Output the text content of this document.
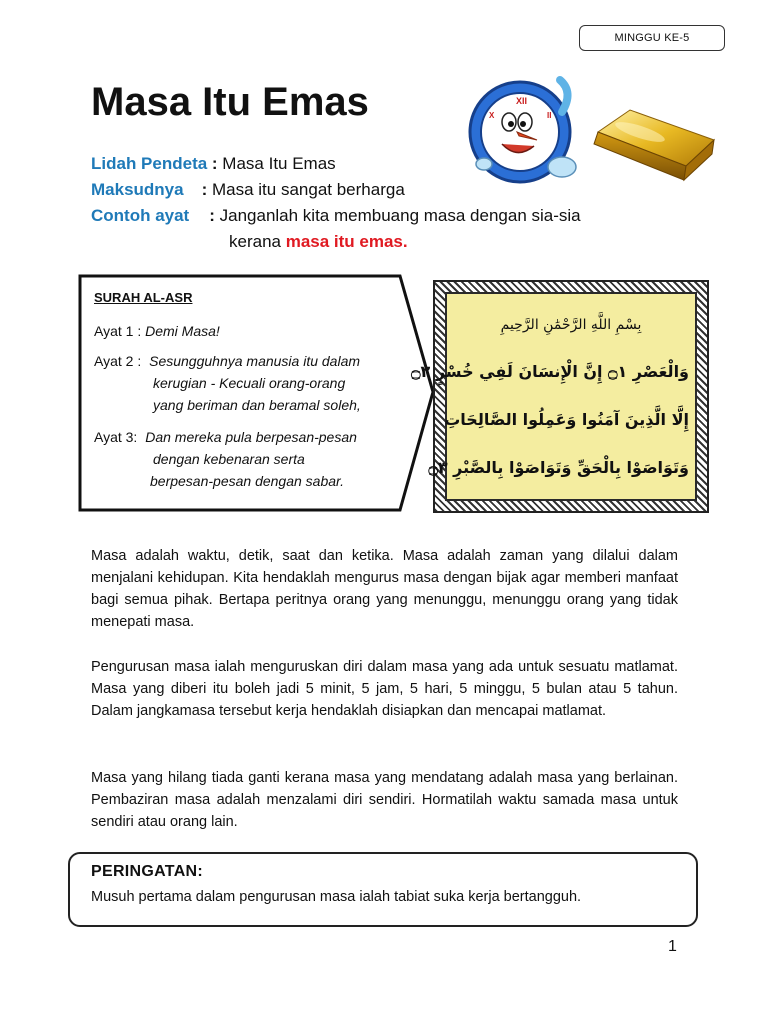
MINGGU KE-5
Masa Itu Emas
Lidah Pendeta : Masa Itu Emas
Maksudnya : Masa itu sangat berharga
Contoh ayat : Janganlah kita membuang masa dengan sia-sia
kerana masa itu emas.
XII
X	II
SURAH AL-ASR
Ayat 1 : Demi Masa!
Ayat 2 : Sesungguhnya manusia itu dalam
kerugian - Kecuali orang-orang
yang beriman dan beramal soleh,
Ayat 3: Dan mereka pula berpesan-pesan
dengan kebenaran serta
berpesan-pesan dengan sabar.
بِسْمِ اللَّهِ الرَّحْمَٰنِ الرَّحِيمِ
وَالْعَصْرِ ۝١ إِنَّ الْإِنسَانَ لَفِي خُسْرٍ ۝٢
إِلَّا الَّذِينَ آمَنُوا وَعَمِلُوا الصَّالِحَاتِ
وَتَوَاصَوْا بِالْحَقِّ وَتَوَاصَوْا بِالصَّبْرِ ۝٣

Masa adalah waktu, detik, saat dan ketika. Masa adalah zaman yang dilalui dalam menjalani kehidupan. Kita hendaklah mengurus masa dengan bijak agar memberi manfaat bagi semua pihak. Bertapa peritnya orang yang menunggu, menunggu orang yang tidak menepati masa.

Pengurusan masa ialah menguruskan diri dalam masa yang ada untuk sesuatu matlamat. Masa yang diberi itu boleh jadi 5 minit, 5 jam, 5 hari, 5 minggu, 5 bulan atau 5 tahun. Dalam jangkamasa tersebut kerja hendaklah disiapkan dan mencapai matlamat.

Masa yang hilang tiada ganti kerana masa yang mendatang adalah masa yang berlainan. Pembaziran masa adalah menzalami diri sendiri. Hormatilah waktu samada masa untuk sendiri atau orang lain.

PERINGATAN:
Musuh pertama dalam pengurusan masa ialah tabiat suka kerja bertangguh.
1
